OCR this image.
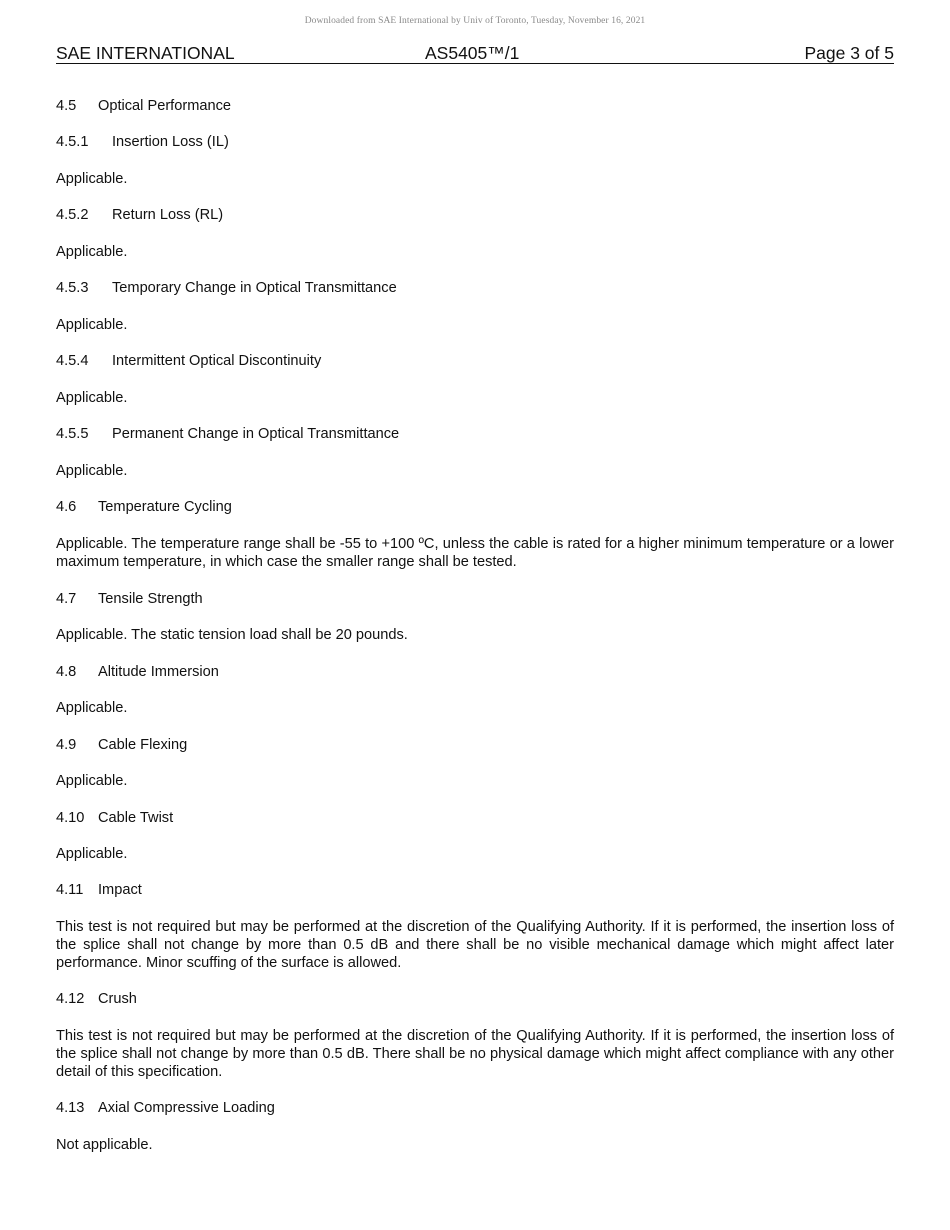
Downloaded from SAE International by Univ of Toronto, Tuesday, November 16, 2021
SAE INTERNATIONAL	AS5405™/1	Page 3 of 5

4.5 Optical Performance

4.5.1 Insertion Loss (IL)

Applicable.

4.5.2 Return Loss (RL)

Applicable.

4.5.3 Temporary Change in Optical Transmittance

Applicable.

4.5.4 Intermittent Optical Discontinuity

Applicable.

4.5.5 Permanent Change in Optical Transmittance

Applicable.

4.6 Temperature Cycling

Applicable. The temperature range shall be -55 to +100 ºC, unless the cable is rated for a higher minimum temperature or a lower maximum temperature, in which case the smaller range shall be tested.

4.7 Tensile Strength

Applicable. The static tension load shall be 20 pounds.

4.8 Altitude Immersion

Applicable.

4.9 Cable Flexing

Applicable.

4.10 Cable Twist

Applicable.

4.11 Impact

This test is not required but may be performed at the discretion of the Qualifying Authority. If it is performed, the insertion loss of the splice shall not change by more than 0.5 dB and there shall be no visible mechanical damage which might affect later performance. Minor scuffing of the surface is allowed.

4.12 Crush

This test is not required but may be performed at the discretion of the Qualifying Authority. If it is performed, the insertion loss of the splice shall not change by more than 0.5 dB. There shall be no physical damage which might affect compliance with any other detail of this specification.

4.13 Axial Compressive Loading

Not applicable.
